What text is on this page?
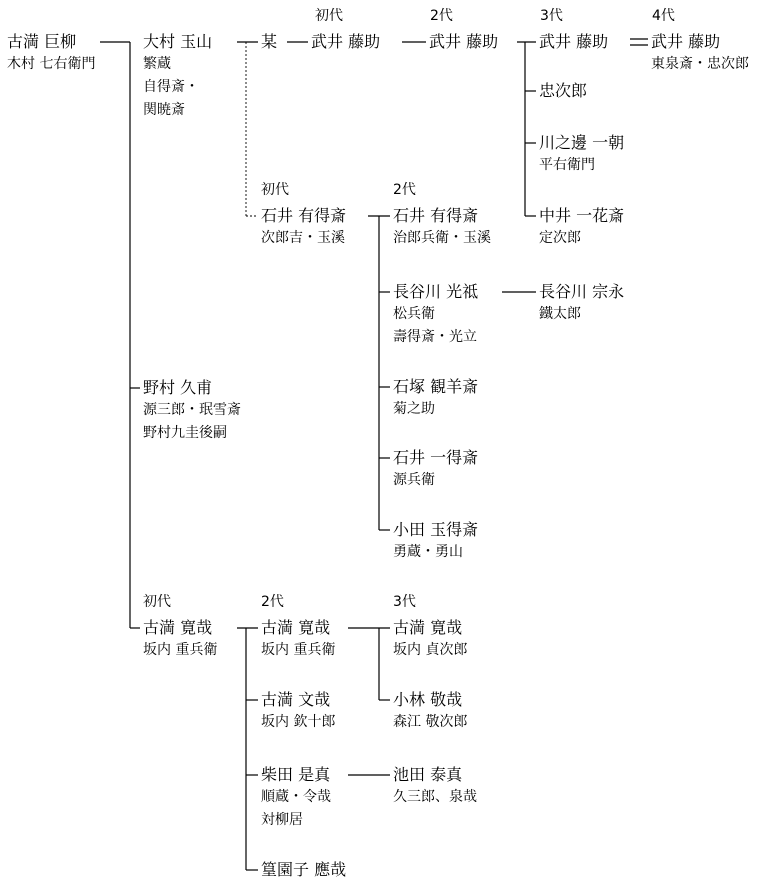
古満 巨柳
木村 七右衛門
大村 玉山
繁蔵
自得斎・
関暁斎
某
初代
武井 藤助
2代
武井 藤助
3代
武井 藤助
4代
武井 藤助
東泉斎・忠次郎
忠次郎
川之邊 一朝
平右衛門
中井 一花斎
定次郎
初代
石井 有得斎
次郎吉・玉溪
2代
石井 有得斎
治郎兵衛・玉溪
長谷川 光祗
松兵衛
壽得斎・光立
長谷川 宗永
鐵太郎
石塚 観羊斎
菊之助
石井 一得斎
源兵衛
小田 玉得斎
勇蔵・勇山
野村 久甫
源三郎・珉雪斎
野村九圭後嗣
初代
古満 寛哉
坂内 重兵衛
2代
古満 寛哉
坂内 重兵衛
3代
古満 寛哉
坂内 貞次郎
古満 文哉
坂内 欽十郎
小林 敬哉
森江 敬次郎
柴田 是真
順蔵・令哉
対柳居
池田 泰真
久三郎、泉哉
篁園子 應哉
